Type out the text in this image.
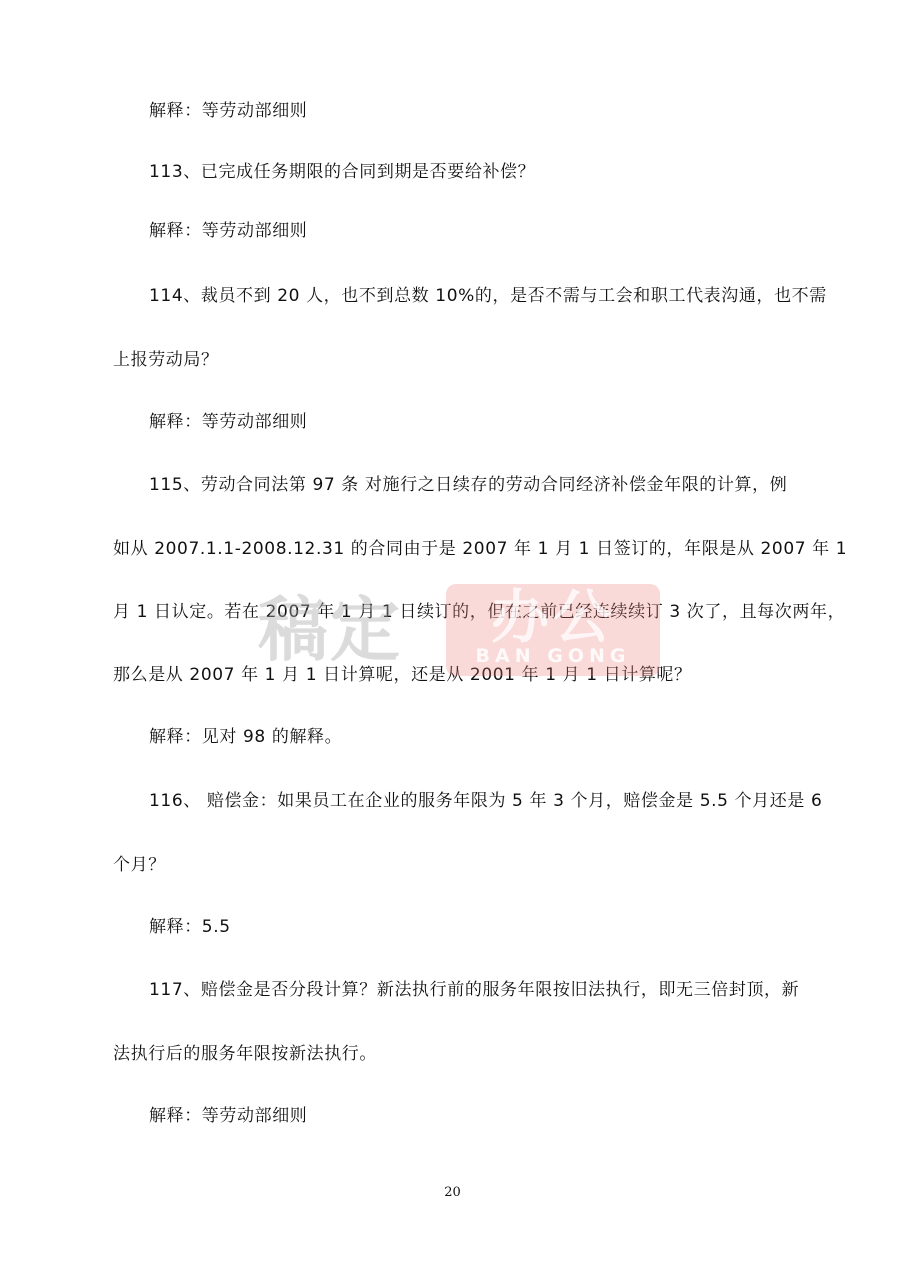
解释：等劳动部细则
113、已完成任务期限的合同到期是否要给补偿？
解释：等劳动部细则
114、裁员不到 20 人，也不到总数 10%的，是否不需与工会和职工代表沟通，也不需
上报劳动局？
解释：等劳动部细则
115、劳动合同法第 97 条 对施行之日续存的劳动合同经济补偿金年限的计算，例
如从 2007.1.1-2008.12.31 的合同由于是 2007 年 1 月 1 日签订的，年限是从 2007 年 1
月 1 日认定。若在 2007 年 1 月 1 日续订的，但在之前已经连续续订 3 次了，且每次两年，
那么是从 2007 年 1 月 1 日计算呢，还是从 2001 年 1 月 1 日计算呢？
解释：见对 98 的解释。
116、 赔偿金：如果员工在企业的服务年限为 5 年 3 个月，赔偿金是 5.5 个月还是 6
个月？
解释：5.5
117、赔偿金是否分段计算？新法执行前的服务年限按旧法执行，即无三倍封顶，新
法执行后的服务年限按新法执行。
解释：等劳动部细则
20
稿定	办公
BAN GONG
